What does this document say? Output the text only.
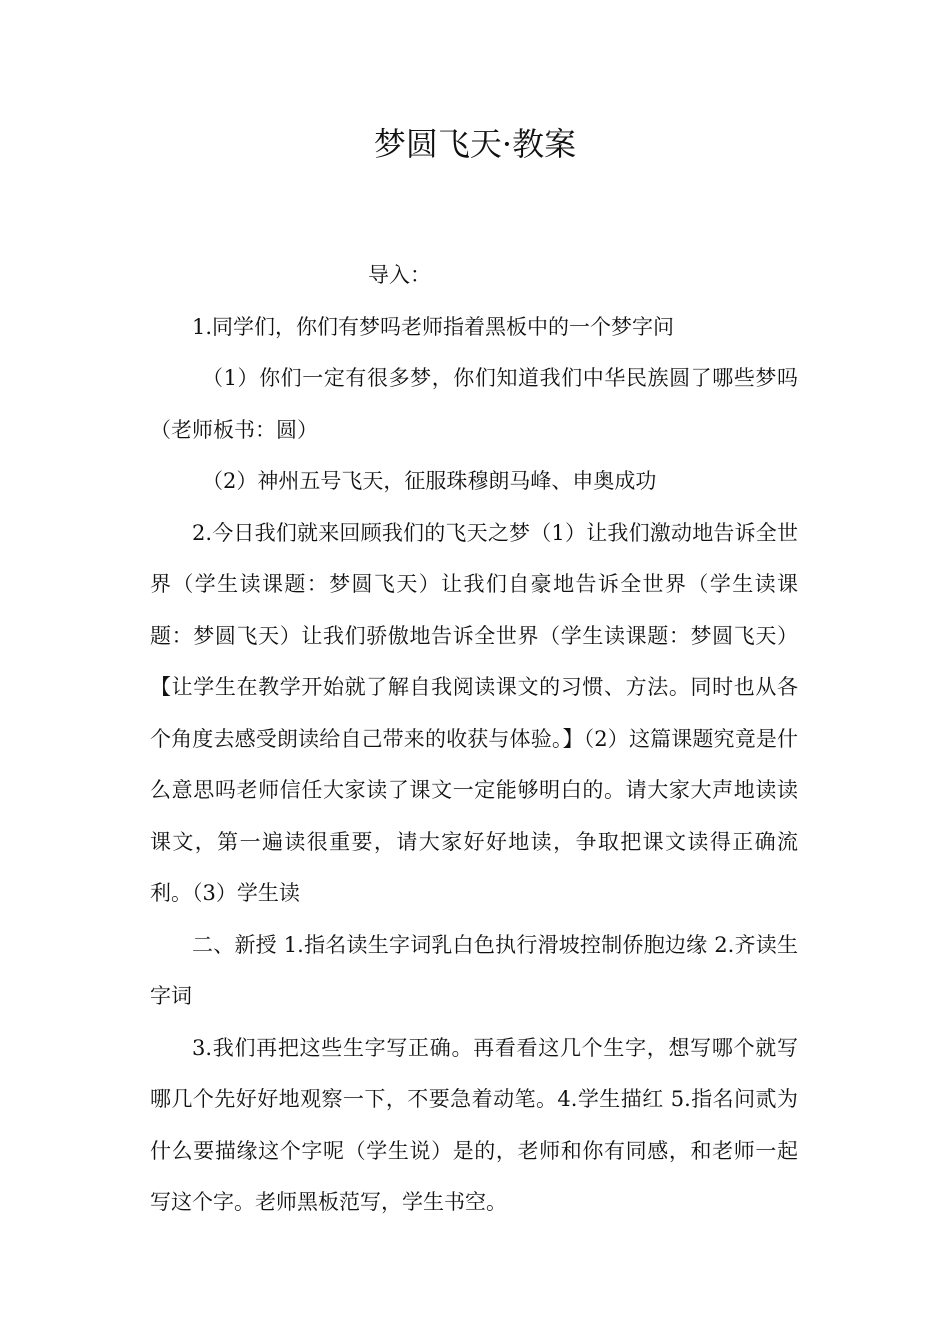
梦圆飞天·教案

导入：

1.同学们，你们有梦吗老师指着黑板中的一个梦字问

（1）你们一定有很多梦，你们知道我们中华民族圆了哪些梦吗（老师板书：圆）

（2）神州五号飞天，征服珠穆朗马峰、申奥成功

2.今日我们就来回顾我们的飞天之梦（1）让我们激动地告诉全世界（学生读课题：梦圆飞天）让我们自豪地告诉全世界（学生读课题：梦圆飞天）让我们骄傲地告诉全世界（学生读课题：梦圆飞天）【让学生在教学开始就了解自我阅读课文的习惯、方法。同时也从各个角度去感受朗读给自己带来的收获与体验。】（2）这篇课题究竟是什么意思吗老师信任大家读了课文一定能够明白的。请大家大声地读读课文，第一遍读很重要，请大家好好地读，争取把课文读得正确流利。（3）学生读

二、新授 1.指名读生字词乳白色执行滑坡控制侨胞边缘 2.齐读生字词

3.我们再把这些生字写正确。再看看这几个生字，想写哪个就写哪几个先好好地观察一下，不要急着动笔。4.学生描红 5.指名问贰为什么要描缘这个字呢（学生说）是的，老师和你有同感，和老师一起写这个字。老师黑板范写，学生书空。
